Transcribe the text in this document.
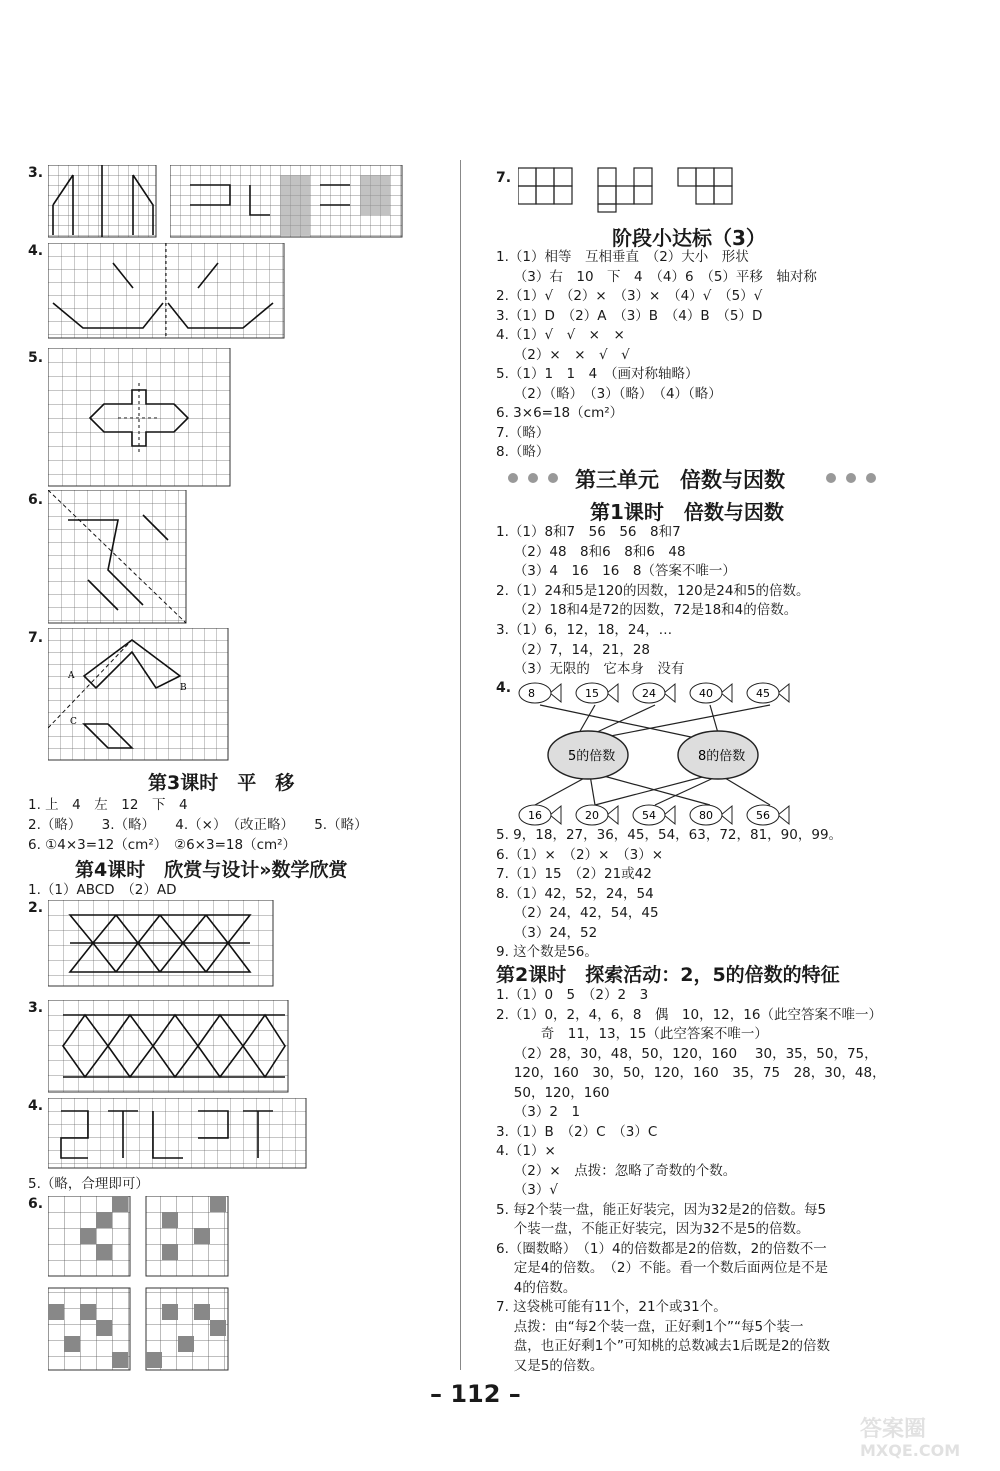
3.
4.
5.
6.
7.
A
B
C
第3课时　平　移
1. 上　4　左　12　下　4
2.（略）　　3.（略）　　4.（×）　（改正略）　　5.（略）
6. ①4×3=12（cm²）　②6×3=18（cm²）
第4课时　欣赏与设计»数学欣赏
1.（1）ABCD　（2）AD
2.
3.
4.
5.（略，合理即可）
6.
7.
阶段小达标（3）
1.（1）相等　互相垂直　（2）大小　形状
　 （3）右　10　下　4　（4）6　（5）平移　轴对称
2.（1）√　（2）×　（3）×　（4）√　（5）√
3.（1）D　（2）A　（3）B　（4）B　（5）D
4.（1）√　√　×　×
　 （2）×　×　√　√
5.（1）1　1　4　（画对称轴略）
　 （2）（略）　（3）（略）　（4）（略）
6. 3×6=18（cm²）
7.（略）
8.（略）
第三单元　倍数与因数
第1课时　倍数与因数
1.（1）8和7　56　56　8和7
　 （2）48　8和6　8和6　48
　 （3）4　16　16　8（答案不唯一）
2.（1）24和5是120的因数，120是24和5的倍数。
　 （2）18和4是72的因数，72是18和4的倍数。
3.（1）6，12，18，24，…
　 （2）7，14，21，28
　 （3）无限的　它本身　没有
4. 8	15	24	40	45
16	20	54	80	56
5的倍数	8的倍数
5. 9，18，27，36，45，54，63，72，81，90，99。
6.（1）×　（2）×　（3）×
7.（1）15　（2）21或42
8.（1）42，52，24，54
　 （2）24，42，54，45
　 （3）24，52
9. 这个数是56。
第2课时　探索活动：2，5的倍数的特征
1.（1）0　5　（2）2　3
2.（1）0，2，4，6，8　偶　10，12，16（此空答案不唯一）
　 　　奇　11，13，15（此空答案不唯一）
　 （2）28，30，48，50，120，160　 30，35，50，75，
　 120，160　30，50，120，160　35，75　28，30，48，
　 50，120，160
　 （3）2　1
3.（1）B　（2）C　（3）C
4.（1）×
　 （2）×　点拨：忽略了奇数的个数。
　 （3）√
5. 每2个装一盘，能正好装完，因为32是2的倍数。每5
　 个装一盘，不能正好装完，因为32不是5的倍数。
6.（圈数略）　（1）4的倍数都是2的倍数，2的倍数不一
　 定是4的倍数。　（2）不能。看一个数后面两位是不是
　 4的倍数。
7. 这袋桃可能有11个，21个或31个。
　 点拨：由“每2个装一盘，正好剩1个”“每5个装一
　 盘，也正好剩1个”可知桃的总数减去1后既是2的倍数
　 又是5的倍数。
– 112 –
答案圈
MXQE.COM
